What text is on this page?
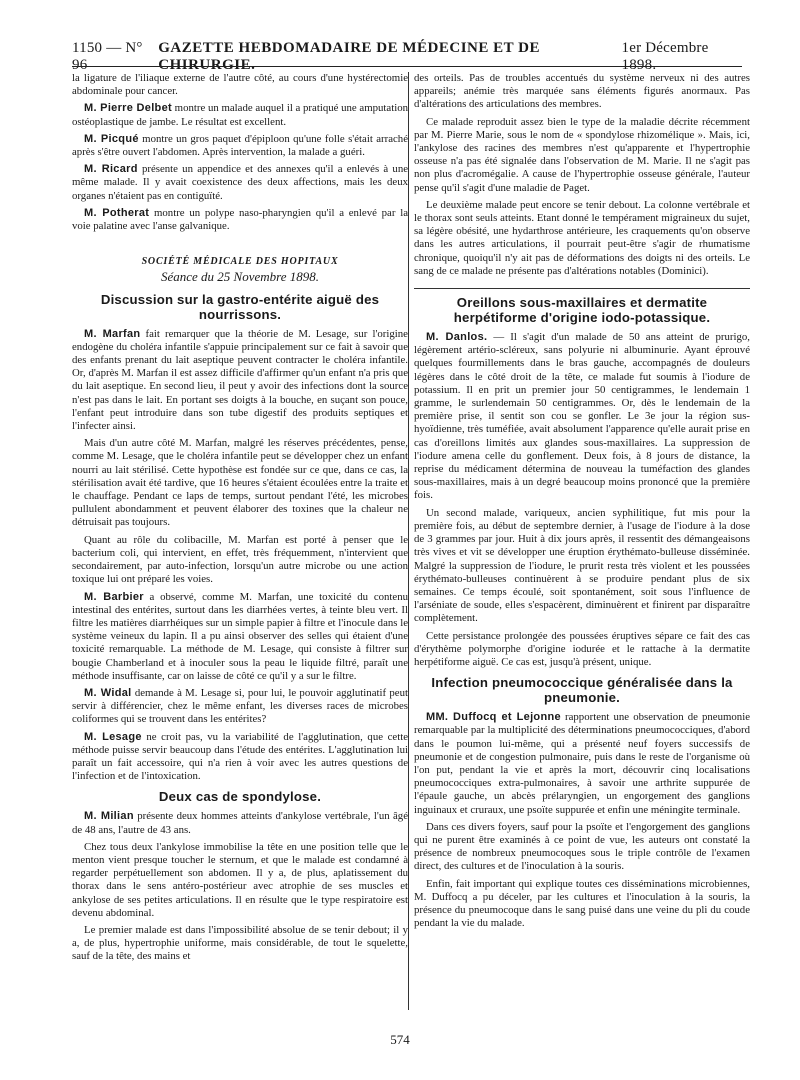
1150 — N° 96
GAZETTE HEBDOMADAIRE DE MÉDECINE ET DE CHIRURGIE.
1er Décembre 1898.

la ligature de l'iliaque externe de l'autre côté, au cours d'une hystérectomie abdominale pour cancer.

M. Pierre Delbet montre un malade auquel il a pratiqué une amputation ostéoplastique de jambe. Le résultat est excellent.

M. Picqué montre un gros paquet d'épiploon qu'une folle s'était arraché après s'être ouvert l'abdomen. Après intervention, la malade a guéri.

M. Ricard présente un appendice et des annexes qu'il a enlevés à une même malade. Il y avait coexistence des deux affections, mais les deux organes n'étaient pas en contiguïté.

M. Potherat montre un polype naso-pharyngien qu'il a enlevé par la voie palatine avec l'anse galvanique.

SOCIÉTÉ MÉDICALE DES HOPITAUX
Séance du 25 Novembre 1898.
Discussion sur la gastro-entérite aiguë des nourrissons.

M. Marfan fait remarquer que la théorie de M. Lesage, sur l'origine endogène du choléra infantile s'appuie principalement sur ce fait à savoir que des enfants prenant du lait aseptique peuvent contracter le choléra infantile. Or, d'après M. Marfan il est assez difficile d'affirmer qu'un enfant n'a pris que du lait aseptique. En second lieu, il peut y avoir des infections dont la source n'est pas dans le lait. En portant ses doigts à la bouche, en suçant son pouce, l'enfant peut introduire dans son tube digestif des produits septiques et l'infecter ainsi.

Mais d'un autre côté M. Marfan, malgré les réserves précédentes, pense, comme M. Lesage, que le choléra infantile peut se développer chez un enfant nourri au lait stérilisé. Cette hypothèse est fondée sur ce que, dans ce cas, la stérilisation avait été tardive, que 16 heures s'étaient écoulées entre la traite et le chauffage. Pendant ce laps de temps, surtout pendant l'été, les microbes pullulent abondamment et peuvent élaborer des toxines que la chaleur ne détruisait pas toujours.

Quant au rôle du colibacille, M. Marfan est porté à penser que le bacterium coli, qui intervient, en effet, très fréquemment, n'intervient que secondairement, par auto-infection, lorsqu'un autre microbe ou une action toxique lui ont préparé les voies.

M. Barbier a observé, comme M. Marfan, une toxicité du contenu intestinal des entérites, surtout dans les diarrhées vertes, à teinte bleu vert. Il filtre les matières diarrhéiques sur un simple papier à filtre et l'inocule dans le système veineux du lapin. Il a pu ainsi observer des selles qui étaient d'une toxicité remarquable. La méthode de M. Lesage, qui consiste à filtrer sur bougie Chamberland et à inoculer sous la peau le liquide filtré, paraît une méthode insuffisante, car on laisse de côté ce qu'il y a sur le filtre.

M. Widal demande à M. Lesage si, pour lui, le pouvoir agglutinatif peut servir à différencier, chez le même enfant, les diverses races de microbes coliformes qui se trouvent dans les entérites?

M. Lesage ne croit pas, vu la variabilité de l'agglutination, que cette méthode puisse servir beaucoup dans l'étude des entérites. L'agglutination lui paraît un fait accessoire, qui n'a rien à voir avec les autres questions de l'infection et de l'intoxication.

Deux cas de spondylose.

M. Milian présente deux hommes atteints d'ankylose vertébrale, l'un âgé de 48 ans, l'autre de 43 ans.

Chez tous deux l'ankylose immobilise la tête en une position telle que le menton vient presque toucher le sternum, et que le malade est condamné à regarder perpétuellement son abdomen. Il y a, de plus, aplatissement du thorax dans le sens antéro-postérieur avec atrophie de ses muscles et ankylose de ses petites articulations. Il en résulte que le type respiratoire est devenu abdominal.

Le premier malade est dans l'impossibilité absolue de se tenir debout; il y a, de plus, hypertrophie uniforme, mais considérable, de tout le squelette, sauf de la tête, des mains et

des orteils. Pas de troubles accentués du système nerveux ni des autres appareils; anémie très marquée sans éléments figurés anormaux. Pas d'altérations des articulations des membres.

Ce malade reproduit assez bien le type de la maladie décrite récemment par M. Pierre Marie, sous le nom de « spondylose rhizomélique ». Mais, ici, l'ankylose des racines des membres n'est qu'apparente et l'hypertrophie osseuse n'a pas été signalée dans l'observation de M. Marie. Il ne s'agit pas non plus d'acromégalie. A cause de l'hypertrophie osseuse générale, l'auteur pense qu'il s'agit d'une maladie de Paget.

Le deuxième malade peut encore se tenir debout. La colonne vertébrale et le thorax sont seuls atteints. Etant donné le tempérament migraineux du sujet, sa légère obésité, une hydarthrose antérieure, les craquements qu'on observe dans les autres articulations, il pourrait peut-être s'agir de rhumatisme chronique, quoiqu'il n'y ait pas de déformations des doigts ni des orteils. Le sang de ce malade ne présente pas d'altérations notables (Dominici).

Oreillons sous-maxillaires et dermatite herpétiforme d'origine iodo-potassique.

M. Danlos. — Il s'agit d'un malade de 50 ans atteint de prurigo, légèrement artério-scléreux, sans polyurie ni albuminurie. Ayant éprouvé quelques fourmillements dans le bras gauche, accompagnés de douleurs légères dans le côté droit de la tête, ce malade fut soumis à l'iodure de potassium. Il en prit un premier jour 50 centigrammes, le lendemain 1 gramme, le surlendemain 50 centigrammes. Or, dès le lendemain de la première prise, il sentit son cou se gonfler. Le 3e jour la région sus-hyoïdienne, très tuméfiée, avait absolument l'apparence qu'elle aurait prise en cas d'oreillons limités aux glandes sous-maxillaires. La suppression de l'iodure amena celle du gonflement. Deux fois, à 8 jours de distance, la reprise du médicament détermina de nouveau la tuméfaction des glandes sous-maxillaires, mais à un degré beaucoup moins prononcé que la première fois.

Un second malade, variqueux, ancien syphilitique, fut mis pour la première fois, au début de septembre dernier, à l'usage de l'iodure à la dose de 3 grammes par jour. Huit à dix jours après, il ressentit des démangeaisons très vives et vit se développer une éruption érythémato-bulleuse disséminée. Malgré la suppression de l'iodure, le prurit resta très violent et les poussées érythémato-bulleuses continuèrent à se produire pendant plus de six semaines. Ce temps écoulé, soit spontanément, soit sous l'influence de l'arséniate de soude, elles s'espacèrent, diminuèrent et finirent par disparaître complètement.

Cette persistance prolongée des poussées éruptives sépare ce fait des cas d'érythème polymorphe d'origine iodurée et le rattache à la dermatite herpétiforme aiguë. Ce cas est, jusqu'à présent, unique.

Infection pneumococcique généralisée dans la pneumonie.

MM. Duffocq et Lejonne rapportent une observation de pneumonie remarquable par la multiplicité des déterminations pneumococciques, d'abord dans le poumon lui-même, qui a présenté neuf foyers successifs de pneumonie et de congestion pulmonaire, puis dans le reste de l'organisme où l'on put, pendant la vie et après la mort, découvrir cinq localisations pneumococciques extra-pulmonaires, à savoir une arthrite suppurée de l'épaule gauche, un abcès prélaryngien, un engorgement des ganglions inguinaux et cruraux, une psoïte suppurée et enfin une méningite terminale.

Dans ces divers foyers, sauf pour la psoïte et l'engorgement des ganglions qui ne purent être examinés à ce point de vue, les auteurs ont constaté la présence de nombreux pneumocoques sous le triple contrôle de l'examen direct, des cultures et de l'inoculation à la souris.

Enfin, fait important qui explique toutes ces disséminations microbiennes, M. Duffocq a pu déceler, par les cultures et l'inoculation à la souris, la présence du pneumocoque dans le sang puisé dans une veine du pli du coude pendant la vie du malade.

574
